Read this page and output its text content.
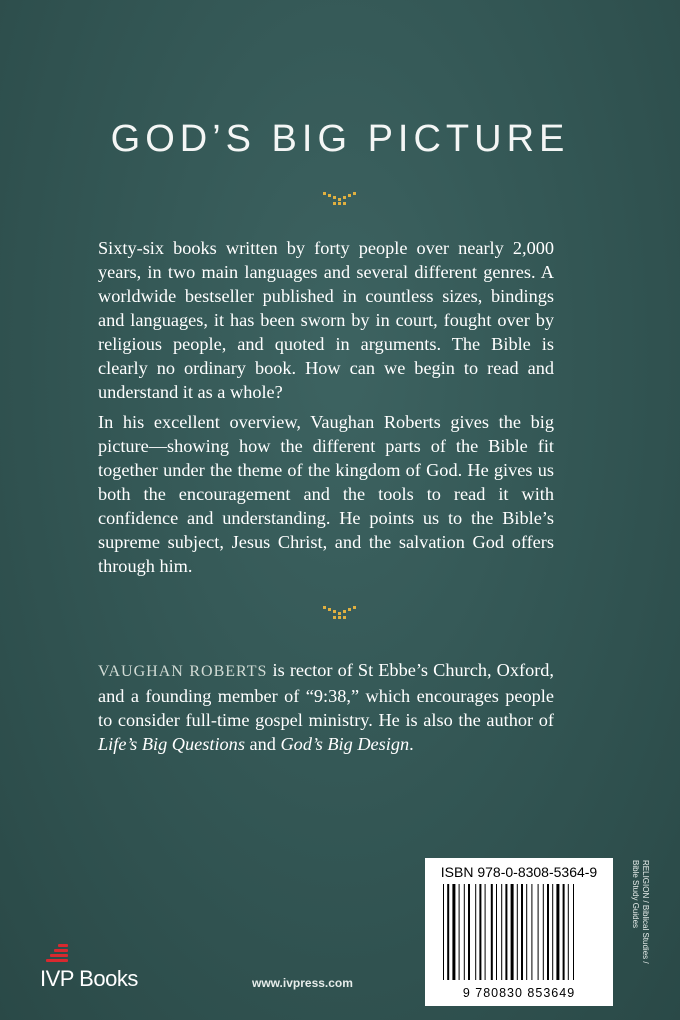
GOD’S BIG PICTURE

Sixty-six books written by forty people over nearly 2,000 years, in two main languages and several different genres. A worldwide bestseller published in countless sizes, bindings and languages, it has been sworn by in court, fought over by religious people, and quoted in arguments. The Bible is clearly no ordinary book. How can we begin to read and understand it as a whole?

In his excellent overview, Vaughan Roberts gives the big picture—showing how the different parts of the Bible fit together under the theme of the kingdom of God. He gives us both the encouragement and the tools to read it with confidence and understanding. He points us to the Bible’s supreme subject, Jesus Christ, and the salvation God offers through him.

VAUGHAN ROBERTS is rector of St Ebbe’s Church, Oxford, and a founding member of “9:38,” which encourages people to consider full-time gospel ministry. He is also the author of Life’s Big Questions and God’s Big Design.

ISBN 978-0-8308-5364-9
9 780830 853649
RELIGION / Biblical Studies / Bible Study Guides
IVP Books	www.ivpress.com
